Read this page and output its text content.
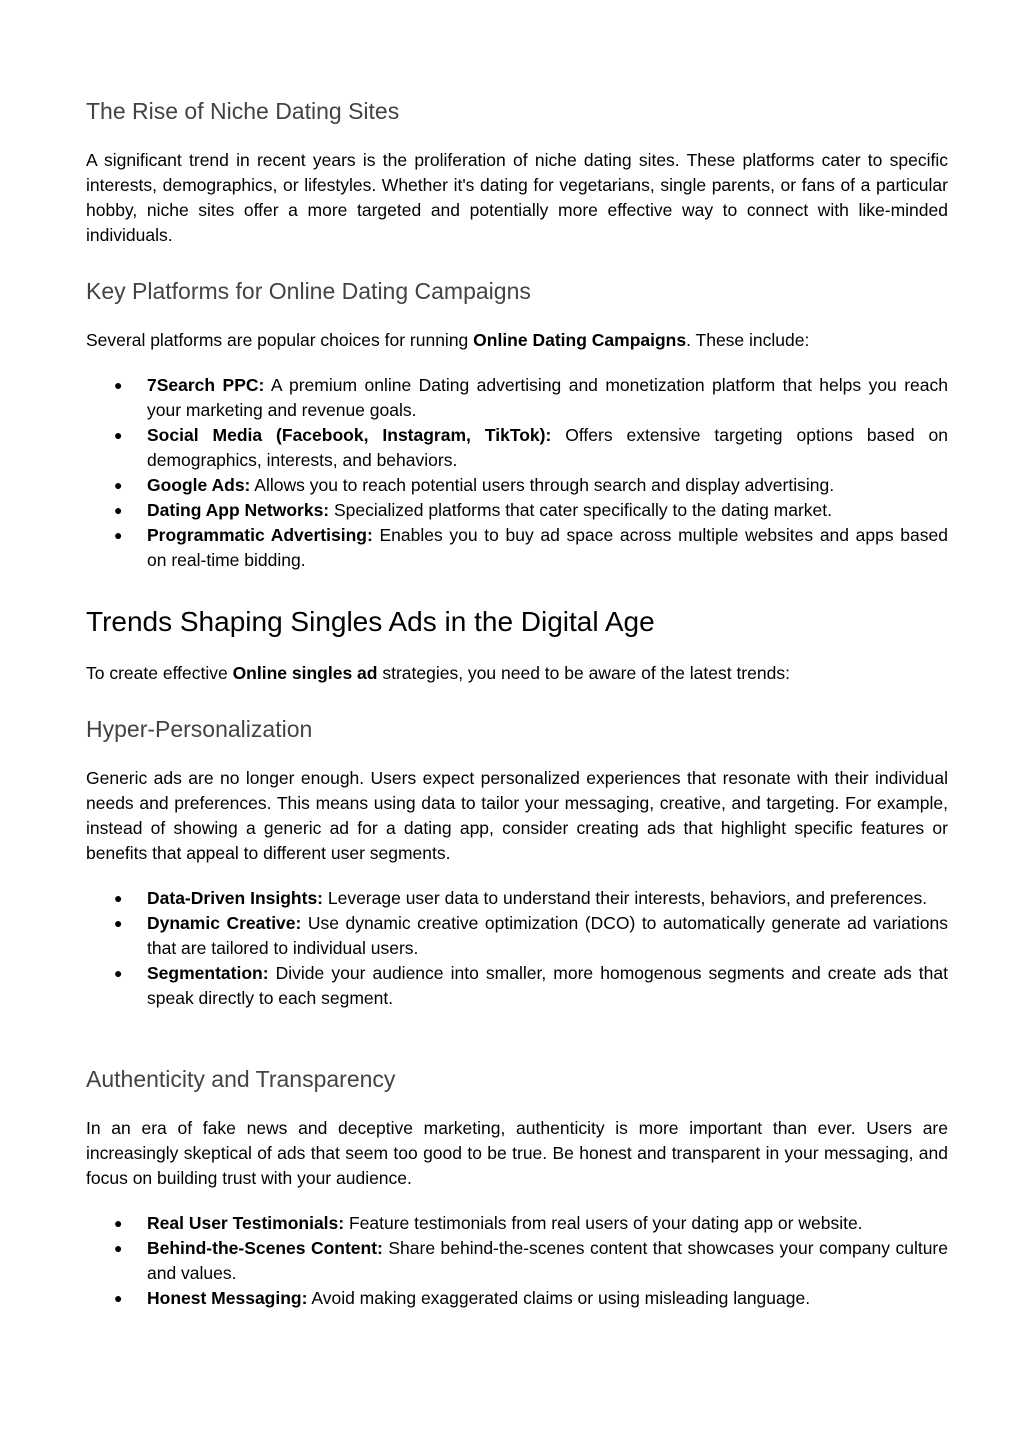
The Rise of Niche Dating Sites

A significant trend in recent years is the proliferation of niche dating sites. These platforms cater to specific interests, demographics, or lifestyles. Whether it's dating for vegetarians, single parents, or fans of a particular hobby, niche sites offer a more targeted and potentially more effective way to connect with like-minded individuals.

Key Platforms for Online Dating Campaigns

Several platforms are popular choices for running Online Dating Campaigns. These include:

● 7Search PPC: A premium online Dating advertising and monetization platform that helps you reach your marketing and revenue goals.
● Social Media (Facebook, Instagram, TikTok): Offers extensive targeting options based on demographics, interests, and behaviors.
● Google Ads: Allows you to reach potential users through search and display advertising.
● Dating App Networks: Specialized platforms that cater specifically to the dating market.
● Programmatic Advertising: Enables you to buy ad space across multiple websites and apps based on real-time bidding.
Trends Shaping Singles Ads in the Digital Age

To create effective Online singles ad strategies, you need to be aware of the latest trends:

Hyper-Personalization

Generic ads are no longer enough. Users expect personalized experiences that resonate with their individual needs and preferences. This means using data to tailor your messaging, creative, and targeting. For example, instead of showing a generic ad for a dating app, consider creating ads that highlight specific features or benefits that appeal to different user segments.

● Data-Driven Insights: Leverage user data to understand their interests, behaviors, and preferences.
● Dynamic Creative: Use dynamic creative optimization (DCO) to automatically generate ad variations that are tailored to individual users.
● Segmentation: Divide your audience into smaller, more homogenous segments and create ads that speak directly to each segment.
Authenticity and Transparency

In an era of fake news and deceptive marketing, authenticity is more important than ever. Users are increasingly skeptical of ads that seem too good to be true. Be honest and transparent in your messaging, and focus on building trust with your audience.

● Real User Testimonials: Feature testimonials from real users of your dating app or website.
● Behind-the-Scenes Content: Share behind-the-scenes content that showcases your company culture and values.
● Honest Messaging: Avoid making exaggerated claims or using misleading language.
